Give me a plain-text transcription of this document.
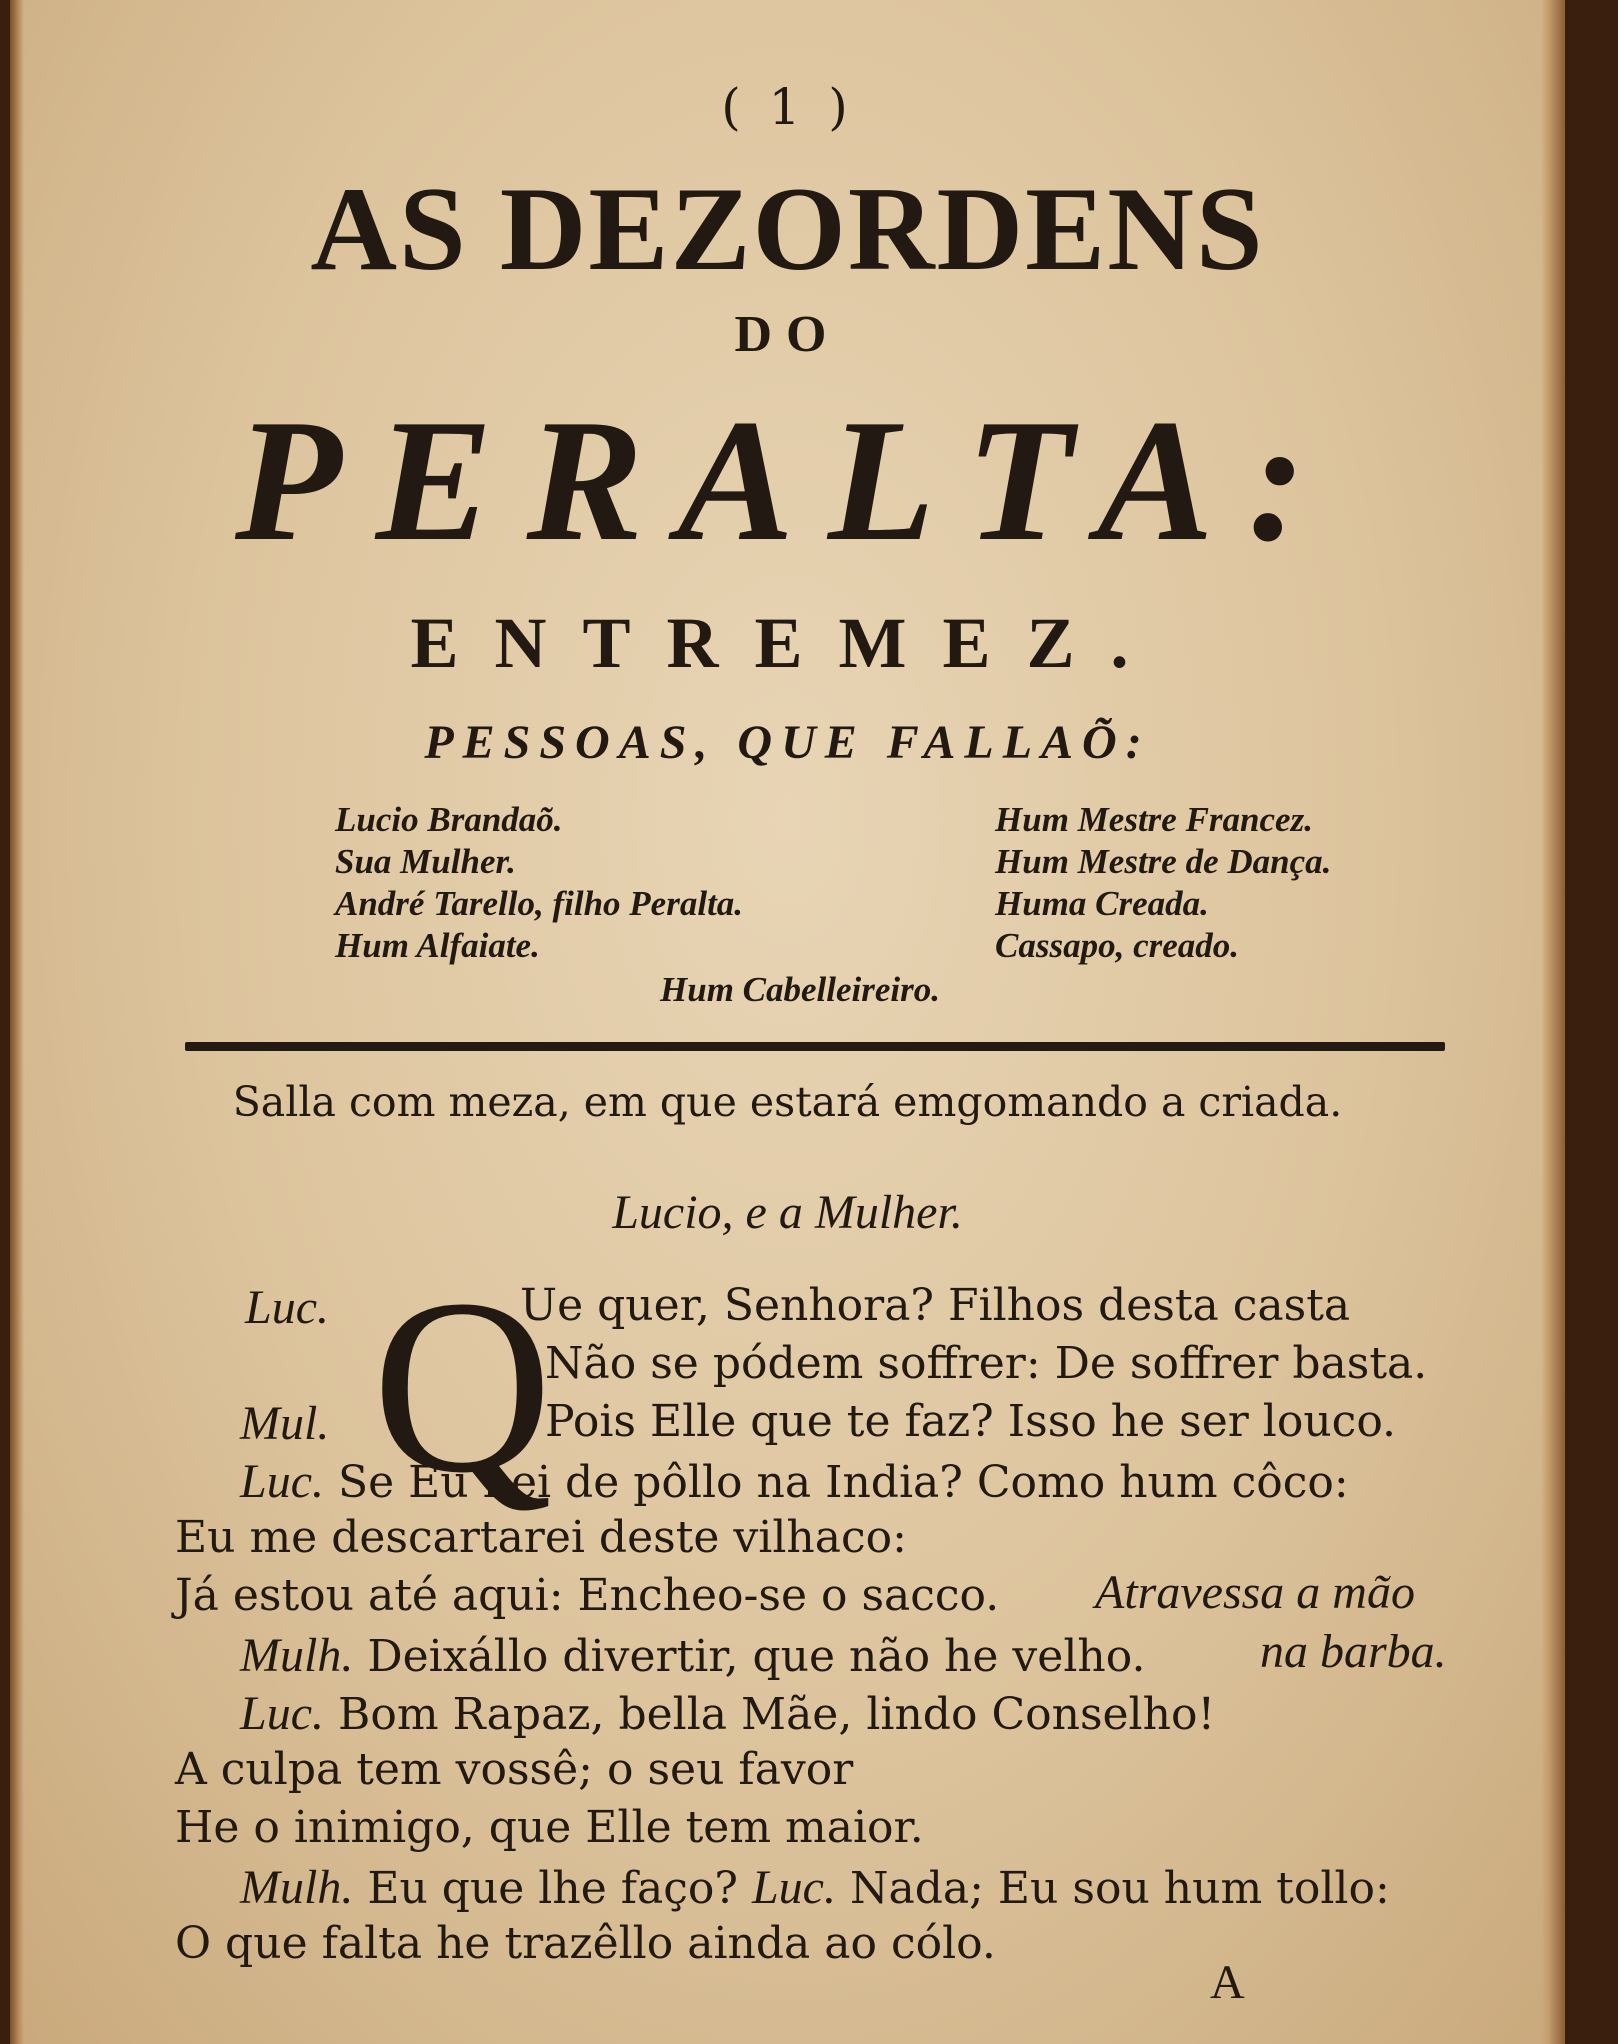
( 1 )
AS DEZORDENS
DO
PERALTA:
ENTREMEZ.
PESSOAS, QUE FALLAÕ:
Lucio Brandaõ.
Sua Mulher.
André Tarello, filho Peralta.
Hum Alfaiate.
Hum Mestre Francez.
Hum Mestre de Dança.
Huma Creada.
Cassapo, creado.
Hum Cabelleireiro.
Salla com meza, em que estará emgomando a criada.
Lucio, e a Mulher.
Q
Luc.	Ue quer, Senhora? Filhos desta casta
Não se pódem soffrer: De soffrer basta.
Mul.	Pois Elle que te faz? Isso he ser louco.
Luc. Se Eu hei de pôllo na India? Como hum côco:
Eu me descartarei deste vilhaco:
Já estou até aqui: Encheo-se o sacco. Atravessa a mão
Mulh. Deixállo divertir, que não he velho. na barba.
Luc. Bom Rapaz, bella Mãe, lindo Conselho!
A culpa tem vossê; o seu favor
He o inimigo, que Elle tem maior.
Mulh. Eu que lhe faço? Luc. Nada; Eu sou hum tollo:
O que falta he trazêllo ainda ao cólo.
A
